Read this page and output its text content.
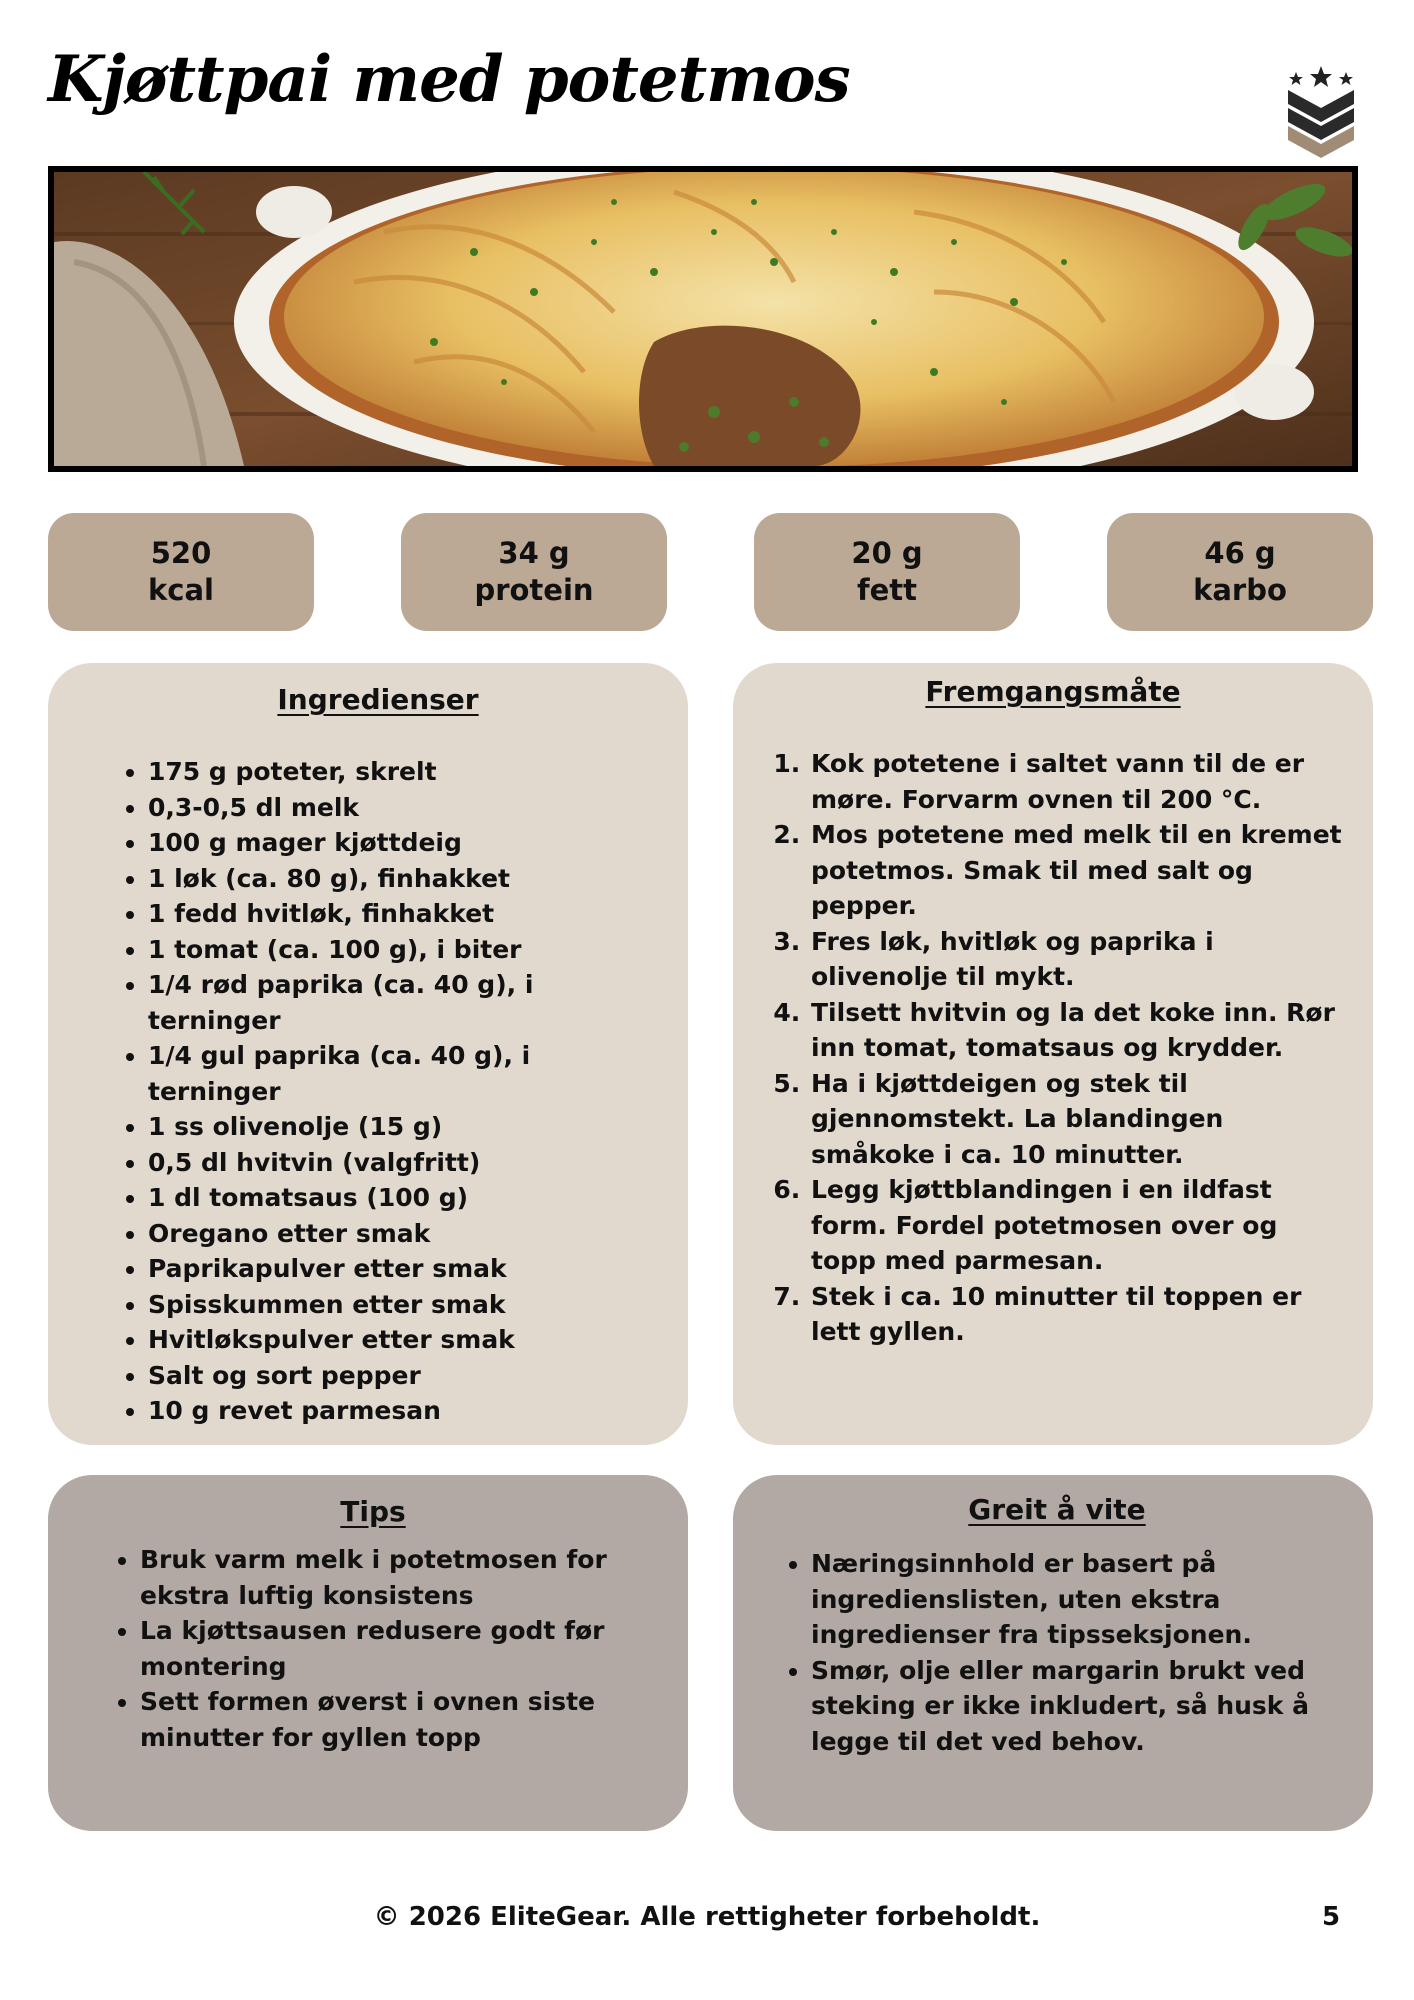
Kjøttpai med potetmos
520
kcal
34 g
protein
20 g
fett
46 g
karbo
Ingredienser
• 175 g poteter, skrelt
• 0,3-0,5 dl melk
• 100 g mager kjøttdeig
• 1 løk (ca. 80 g), finhakket
• 1 fedd hvitløk, finhakket
• 1 tomat (ca. 100 g), i biter
• 1/4 rød paprika (ca. 40 g), i terninger
• 1/4 gul paprika (ca. 40 g), i terninger
• 1 ss olivenolje (15 g)
• 0,5 dl hvitvin (valgfritt)
• 1 dl tomatsaus (100 g)
• Oregano etter smak
• Paprikapulver etter smak
• Spisskummen etter smak
• Hvitløkspulver etter smak
• Salt og sort pepper
• 10 g revet parmesan
Fremgangsmåte
1. Kok potetene i saltet vann til de er møre. Forvarm ovnen til 200 °C.
2. Mos potetene med melk til en kremet potetmos. Smak til med salt og pepper.
3. Fres løk, hvitløk og paprika i olivenolje til mykt.
4. Tilsett hvitvin og la det koke inn. Rør inn tomat, tomatsaus og krydder.
5. Ha i kjøttdeigen og stek til gjennomstekt. La blandingen småkoke i ca. 10 minutter.
6. Legg kjøttblandingen i en ildfast form. Fordel potetmosen over og topp med parmesan.
7. Stek i ca. 10 minutter til toppen er lett gyllen.
Tips
• Bruk varm melk i potetmosen for ekstra luftig konsistens
• La kjøttsausen redusere godt før montering
• Sett formen øverst i ovnen siste minutter for gyllen topp
Greit å vite
• Næringsinnhold er basert på ingredienslisten, uten ekstra ingredienser fra tipsseksjonen.
• Smør, olje eller margarin brukt ved steking er ikke inkludert, så husk å legge til det ved behov.
© 2026 EliteGear. Alle rettigheter forbeholdt.	5
